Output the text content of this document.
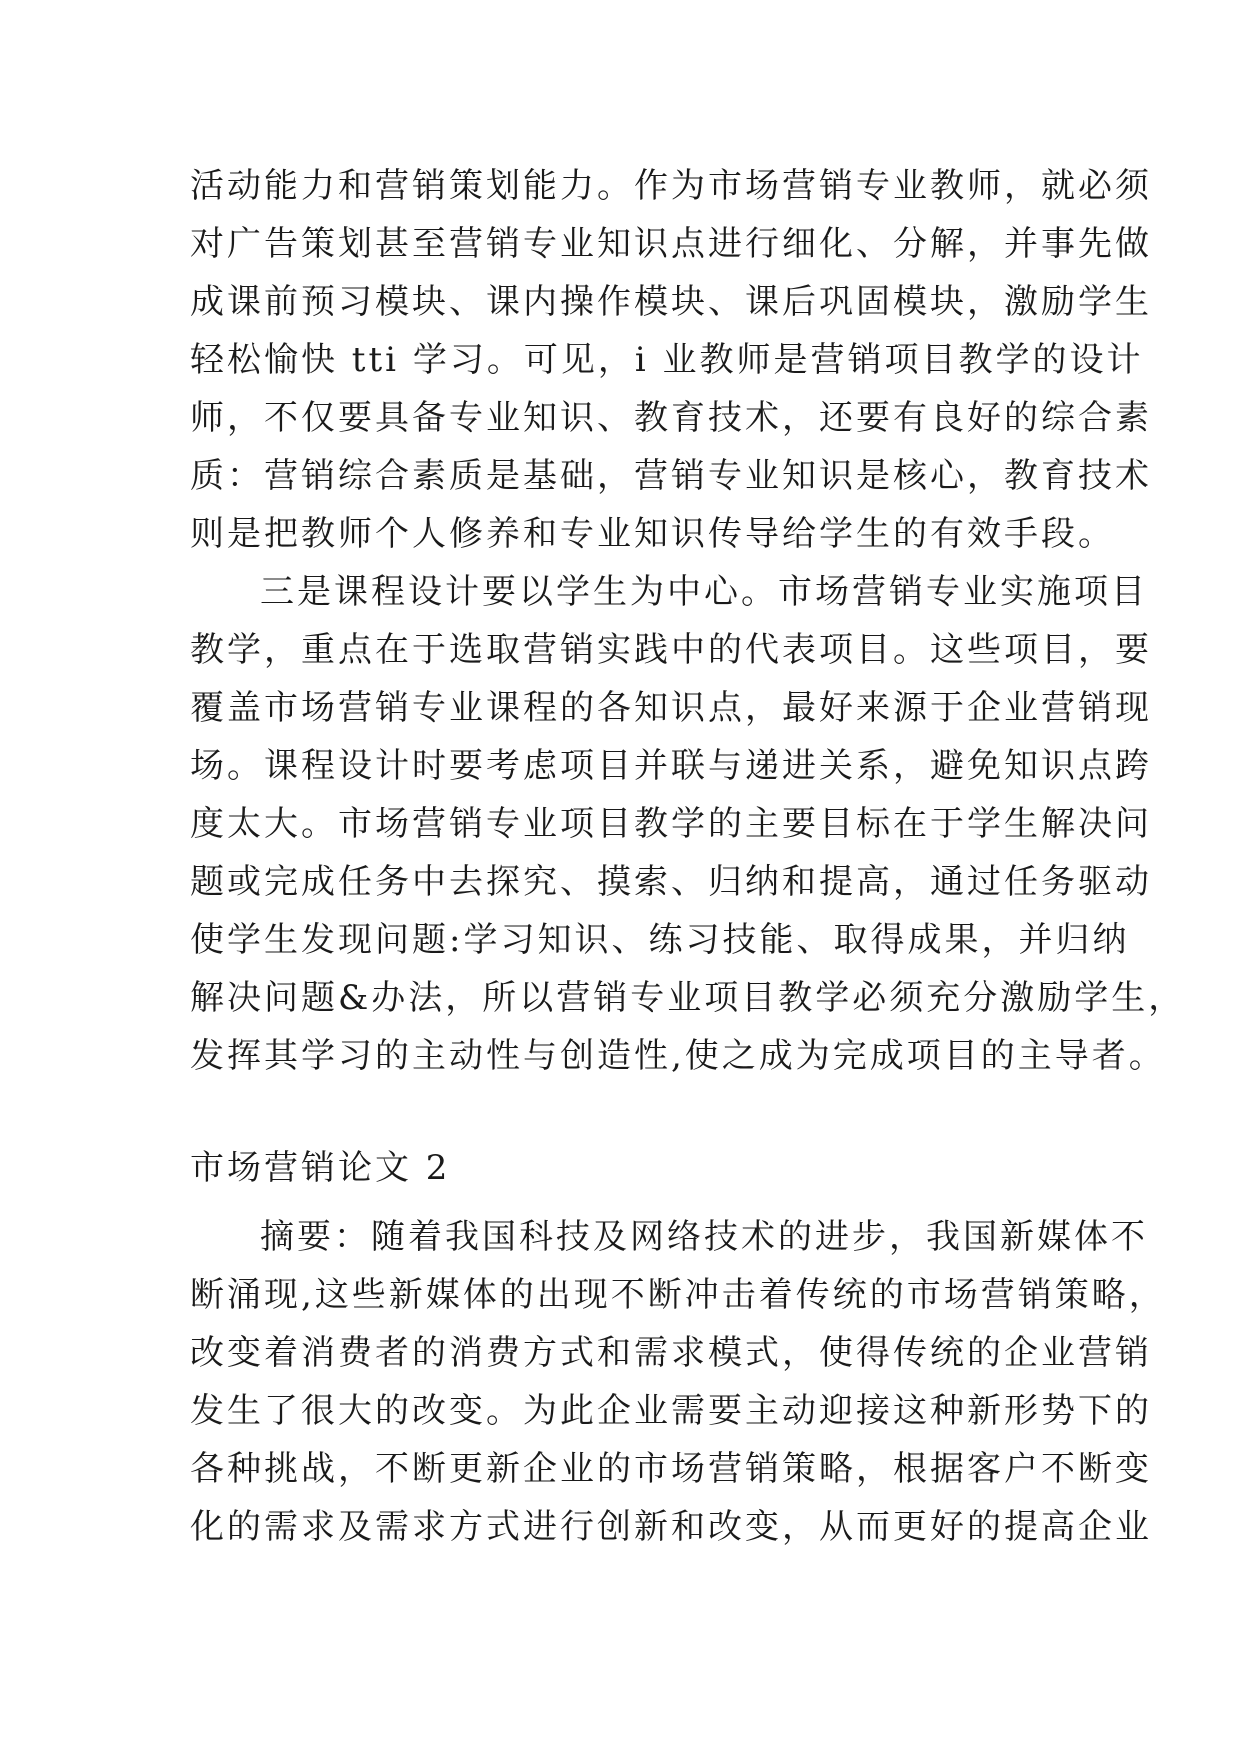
活动能力和营销策划能力。作为市场营销专业教师，就必须
对广告策划甚至营销专业知识点进行细化、分解，并事先做
成课前预习模块、课内操作模块、课后巩固模块，激励学生
轻松愉快 tti 学习。可见，i 业教师是营销项目教学的设计
师，不仅要具备专业知识、教育技术，还要有良好的综合素
质：营销综合素质是基础，营销专业知识是核心，教育技术
则是把教师个人修养和专业知识传导给学生的有效手段。
三是课程设计要以学生为中心。市场营销专业实施项目
教学，重点在于选取营销实践中的代表项目。这些项目，要
覆盖市场营销专业课程的各知识点，最好来源于企业营销现
场。课程设计时要考虑项目并联与递进关系，避免知识点跨
度太大。市场营销专业项目教学的主要目标在于学生解决问
题或完成任务中去探究、摸索、归纳和提高，通过任务驱动
使学生发现问题:学习知识、练习技能、取得成果，并归纳
解决问题&办法，所以营销专业项目教学必须充分激励学生，
发挥其学习的主动性与创造性,使之成为完成项目的主导者。
市场营销论文 2
摘要：随着我国科技及网络技术的进步，我国新媒体不
断涌现,这些新媒体的出现不断冲击着传统的市场营销策略，
改变着消费者的消费方式和需求模式，使得传统的企业营销
发生了很大的改变。为此企业需要主动迎接这种新形势下的
各种挑战，不断更新企业的市场营销策略，根据客户不断变
化的需求及需求方式进行创新和改变，从而更好的提高企业
